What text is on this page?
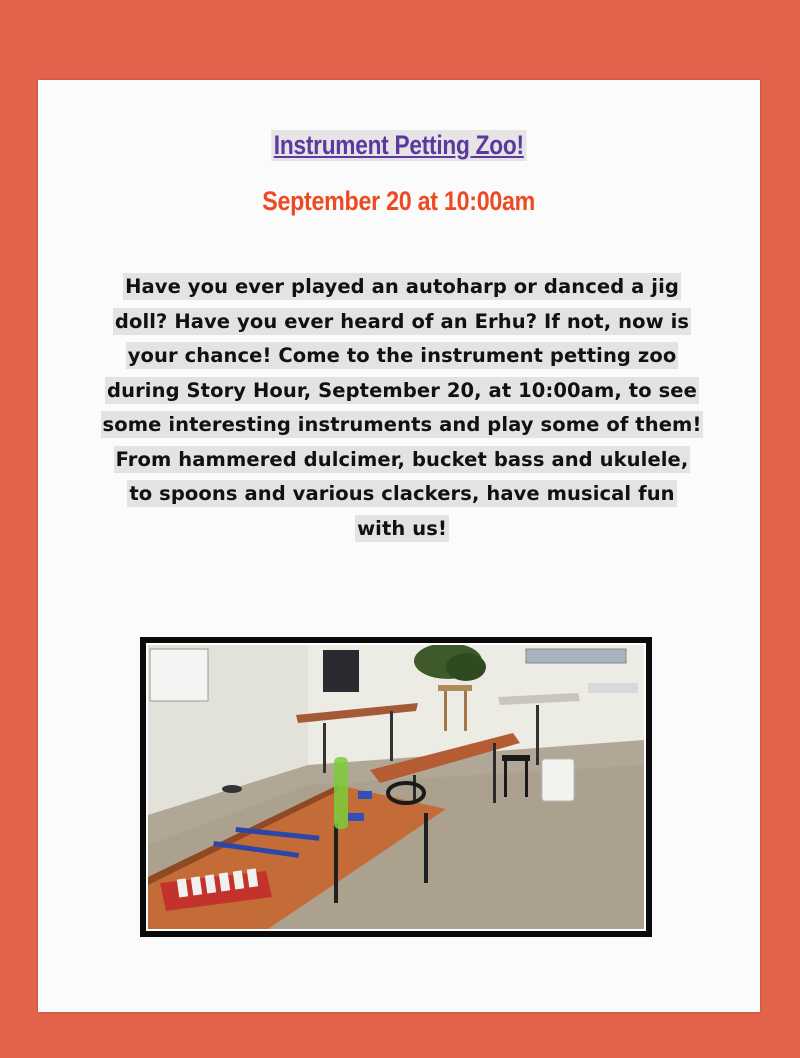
Instrument Petting Zoo!
September 20 at 10:00am
Have you ever played an autoharp or danced a jig
doll? Have you ever heard of an Erhu? If not, now is
your chance! Come to the instrument petting zoo
during Story Hour, September 20, at 10:00am, to see
some interesting instruments and play some of them!
From hammered dulcimer, bucket bass and ukulele,
to spoons and various clackers, have musical fun
with us!
